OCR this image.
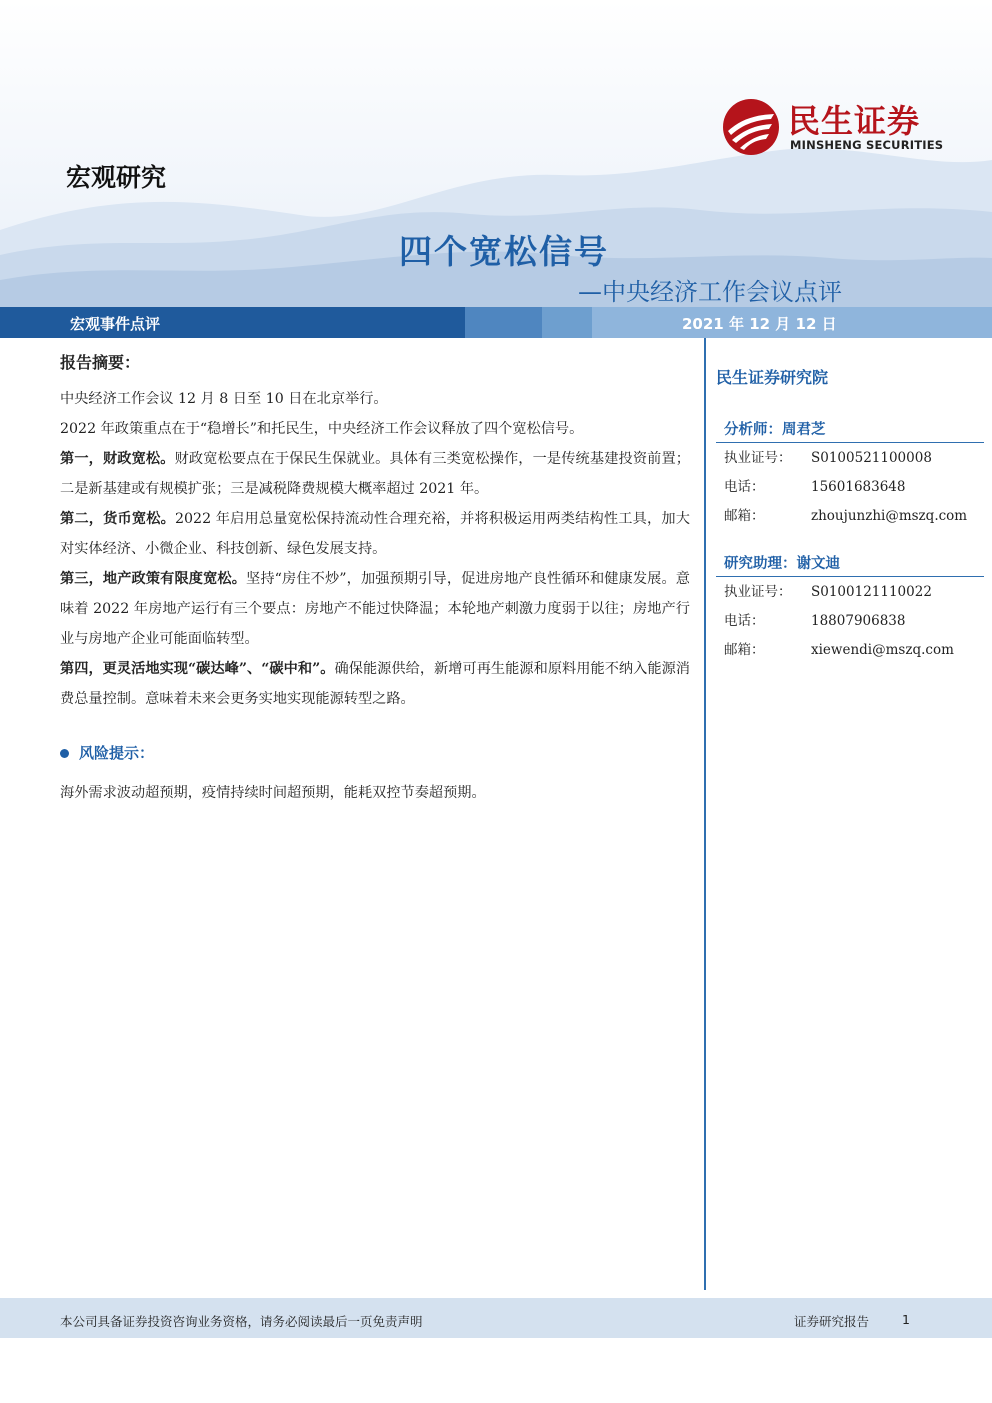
民生证券
MINSHENG SECURITIES
宏观研究
四个宽松信号
—中央经济工作会议点评
宏观事件点评	2021 年 12 月 12 日

报告摘要：

中央经济工作会议 12 月 8 日至 10 日在北京举行。

2022 年政策重点在于“稳增长”和托民生，中央经济工作会议释放了四个宽松信号。

第一，财政宽松。财政宽松要点在于保民生保就业。具体有三类宽松操作，一是传统基建投资前置；二是新基建或有规模扩张；三是减税降费规模大概率超过 2021 年。

第二，货币宽松。2022 年启用总量宽松保持流动性合理充裕，并将积极运用两类结构性工具，加大对实体经济、小微企业、科技创新、绿色发展支持。

第三，地产政策有限度宽松。坚持“房住不炒”，加强预期引导，促进房地产良性循环和健康发展。意味着 2022 年房地产运行有三个要点：房地产不能过快降温；本轮地产刺激力度弱于以往；房地产行业与房地产企业可能面临转型。

第四，更灵活地实现“碳达峰”、“碳中和”。确保能源供给，新增可再生能源和原料用能不纳入能源消费总量控制。意味着未来会更务实地实现能源转型之路。

风险提示：

海外需求波动超预期，疫情持续时间超预期，能耗双控节奏超预期。

民生证券研究院
分析师：周君芝
执业证号：	S0100521100008
电话：	15601683648
邮箱：	zhoujunzhi@mszq.com
研究助理：谢文迪
执业证号：	S0100121110022
电话：	18807906838
邮箱：	xiewendi@mszq.com
本公司具备证券投资咨询业务资格，请务必阅读最后一页免责声明	证券研究报告	1
